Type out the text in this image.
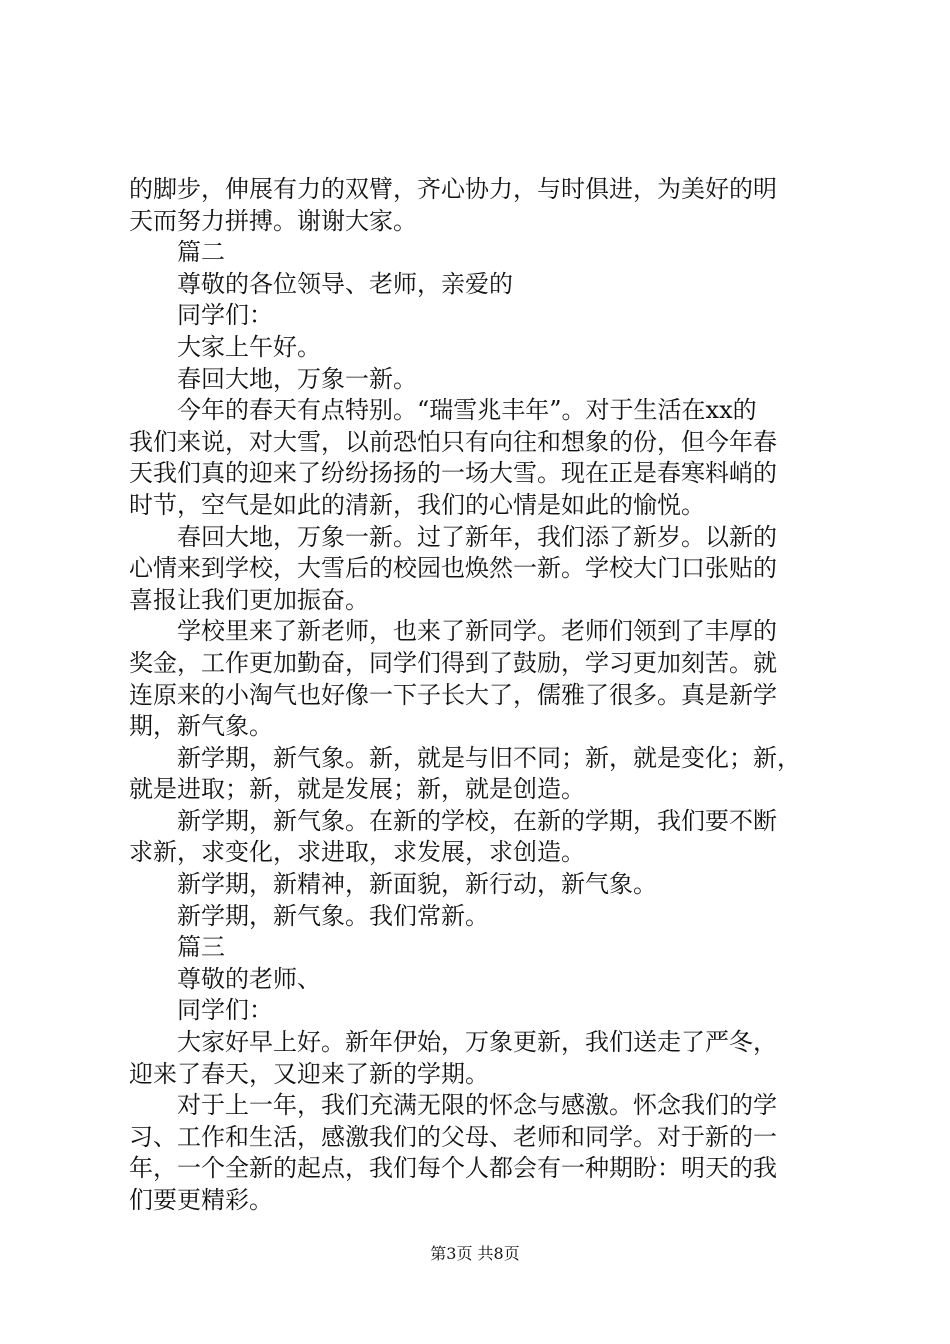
的脚步，伸展有力的双臂，齐心协力，与时俱进，为美好的明
天而努力拼搏。谢谢大家。
篇二
尊敬的各位领导、老师，亲爱的
同学们：
大家上午好。
春回大地，万象一新。
今年的春天有点特别。“瑞雪兆丰年”。对于生活在xx的
我们来说，对大雪，以前恐怕只有向往和想象的份，但今年春
天我们真的迎来了纷纷扬扬的一场大雪。现在正是春寒料峭的
时节，空气是如此的清新，我们的心情是如此的愉悦。
春回大地，万象一新。过了新年，我们添了新岁。以新的
心情来到学校，大雪后的校园也焕然一新。学校大门口张贴的
喜报让我们更加振奋。
学校里来了新老师，也来了新同学。老师们领到了丰厚的
奖金，工作更加勤奋，同学们得到了鼓励，学习更加刻苦。就
连原来的小淘气也好像一下子长大了，儒雅了很多。真是新学
期，新气象。
新学期，新气象。新，就是与旧不同；新，就是变化；新，
就是进取；新，就是发展；新，就是创造。
新学期，新气象。在新的学校，在新的学期，我们要不断
求新，求变化，求进取，求发展，求创造。
新学期，新精神，新面貌，新行动，新气象。
新学期，新气象。我们常新。
篇三
尊敬的老师、
同学们：
大家好早上好。新年伊始，万象更新，我们送走了严冬，
迎来了春天，又迎来了新的学期。
对于上一年，我们充满无限的怀念与感激。怀念我们的学
习、工作和生活，感激我们的父母、老师和同学。对于新的一
年，一个全新的起点，我们每个人都会有一种期盼：明天的我
们要更精彩。
第3页 共8页
